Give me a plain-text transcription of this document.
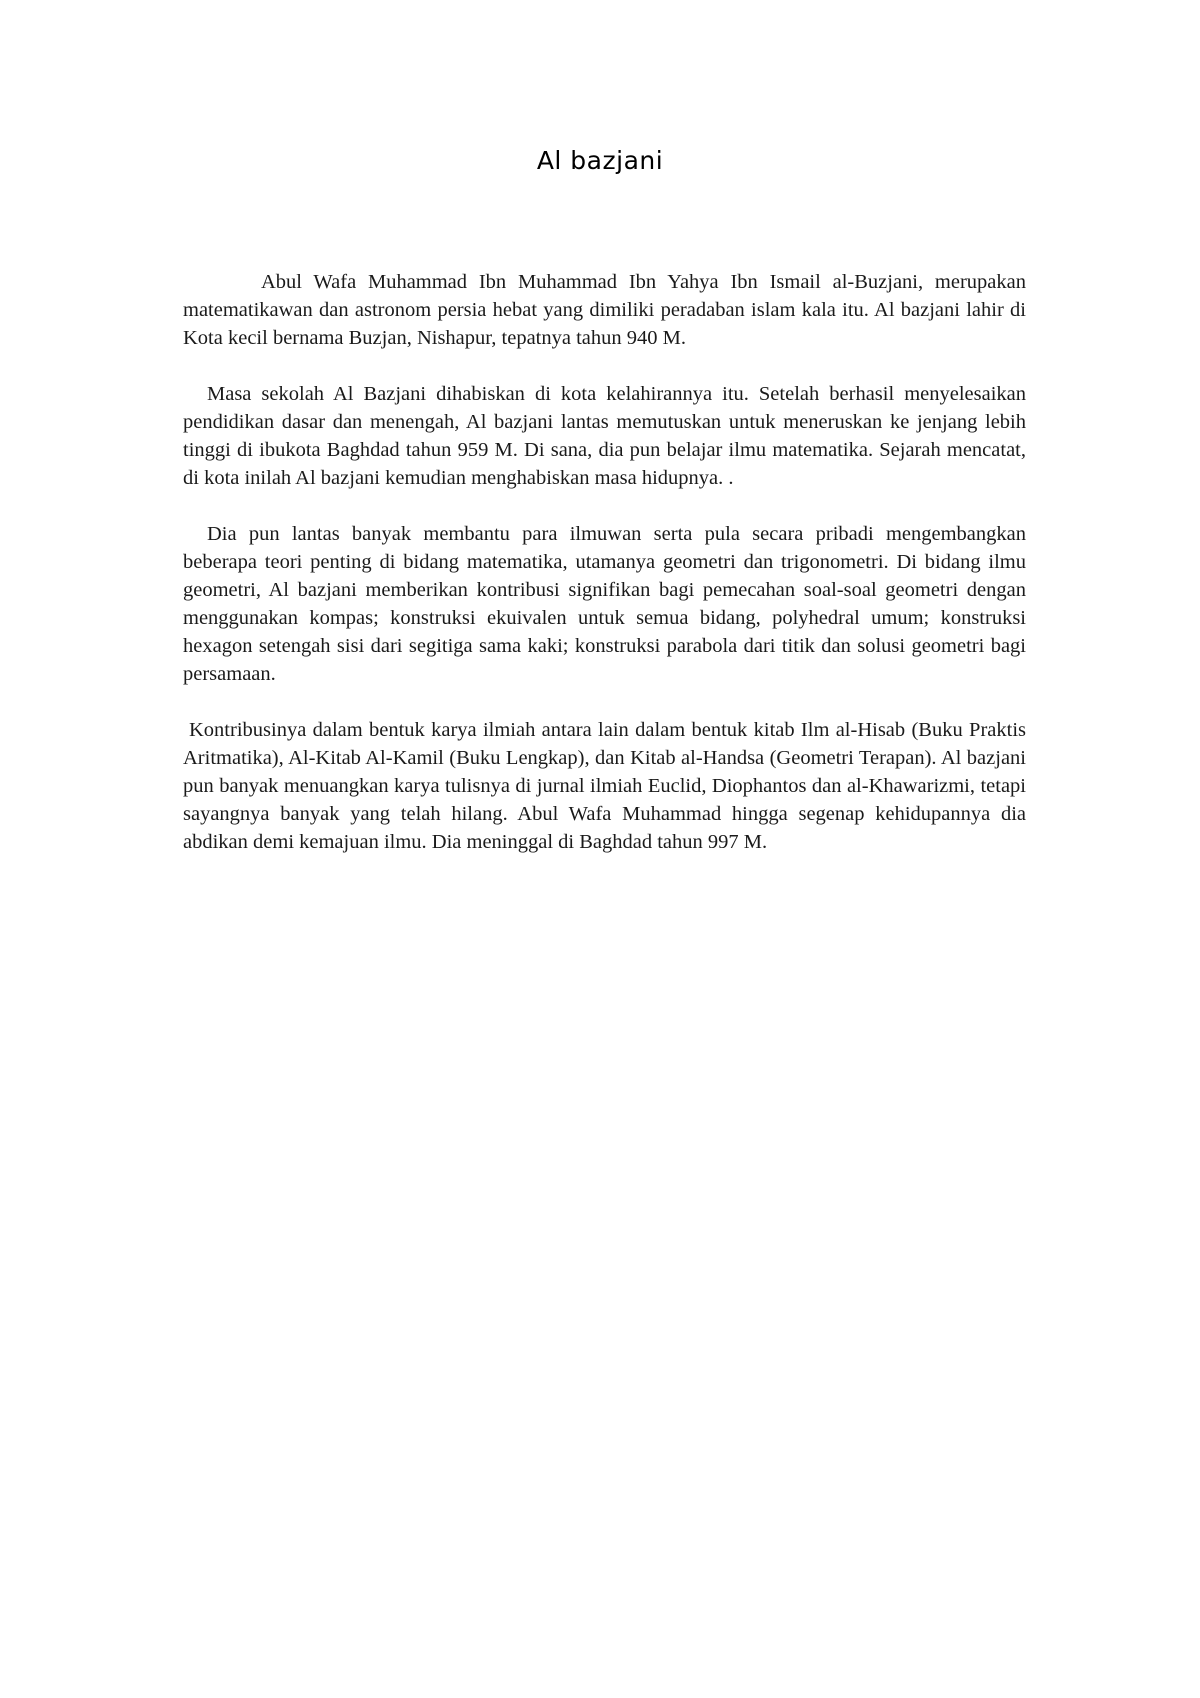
Al bazjani

Abul Wafa Muhammad Ibn Muhammad Ibn Yahya Ibn Ismail al-Buzjani, merupakan matematikawan dan astronom persia hebat yang dimiliki peradaban islam kala itu. Al bazjani lahir di Kota kecil bernama Buzjan, Nishapur, tepatnya tahun 940 M.

Masa sekolah Al Bazjani dihabiskan di kota kelahirannya itu. Setelah berhasil menyelesaikan pendidikan dasar dan menengah, Al bazjani lantas memutuskan untuk meneruskan ke jenjang lebih tinggi di ibukota Baghdad tahun 959 M. Di sana, dia pun belajar ilmu matematika. Sejarah mencatat, di kota inilah Al bazjani kemudian menghabiskan masa hidupnya. .

Dia pun lantas banyak membantu para ilmuwan serta pula secara pribadi mengembangkan beberapa teori penting di bidang matematika, utamanya geometri dan trigonometri. Di bidang ilmu geometri, Al bazjani memberikan kontribusi signifikan bagi pemecahan soal-soal geometri dengan menggunakan kompas; konstruksi ekuivalen untuk semua bidang, polyhedral umum; konstruksi hexagon setengah sisi dari segitiga sama kaki; konstruksi parabola dari titik dan solusi geometri bagi persamaan.

Kontribusinya dalam bentuk karya ilmiah antara lain dalam bentuk kitab Ilm al-Hisab (Buku Praktis Aritmatika), Al-Kitab Al-Kamil (Buku Lengkap), dan Kitab al-Handsa (Geometri Terapan). Al bazjani pun banyak menuangkan karya tulisnya di jurnal ilmiah Euclid, Diophantos dan al-Khawarizmi, tetapi sayangnya banyak yang telah hilang. Abul Wafa Muhammad hingga segenap kehidupannya dia abdikan demi kemajuan ilmu. Dia meninggal di Baghdad tahun 997 M.
